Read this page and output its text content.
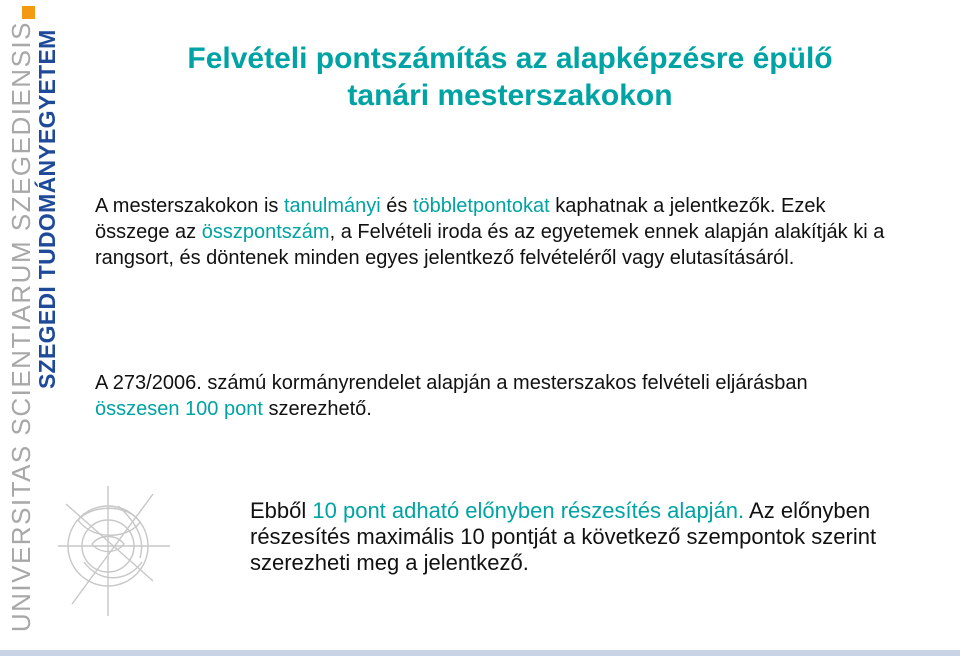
UNIVERSITAS SCIENTIARUM SZEGEDIENSIS
SZEGEDI TUDOMÁNYEGYETEM	Felvételi pontszámítás az alapképzésre épülő
tanári mesterszakokon

A mesterszakokon is tanulmányi és többletpontokat kaphatnak a jelentkezők. Ezek összege az összpontszám, a Felvételi iroda és az egyetemek ennek alapján alakítják ki a rangsort, és döntenek minden egyes jelentkező felvételéről vagy elutasításáról.

A 273/2006. számú kormányrendelet alapján a mesterszakos felvételi eljárásban összesen 100 pont szerezhető.

Ebből 10 pont adható előnyben részesítés alapján. Az előnyben részesítés maximális 10 pontját a következő szempontok szerint szerezheti meg a jelentkező.
